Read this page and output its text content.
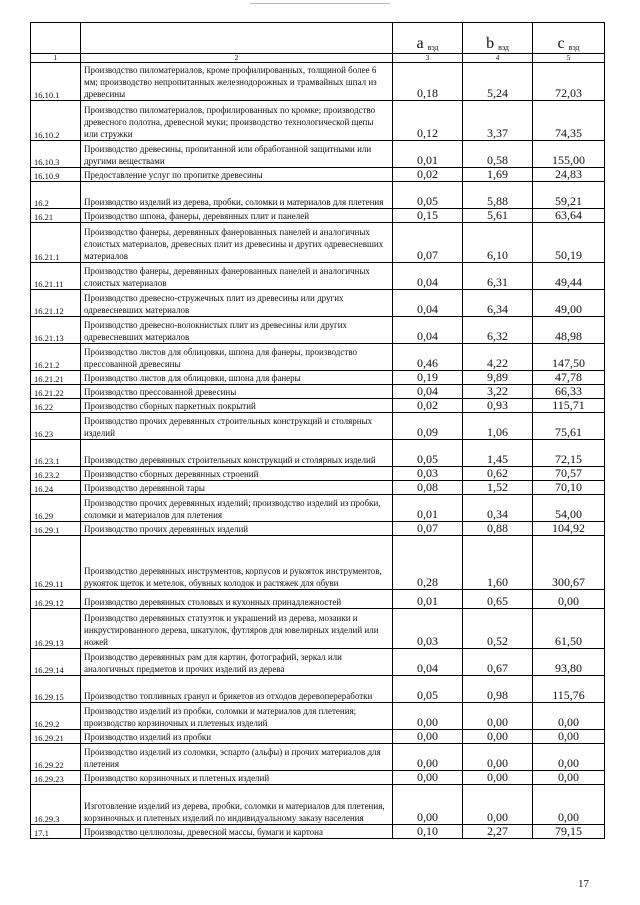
		a $_{вэд}$	b $_{вэд}$	c $_{вэд}$
1	2	3	4	5
16.10.1	Производство пиломатериалов, кроме профилированных, толщиной более 6 мм; производство непропитанных железнодорожных и трамвайных шпал из древесины	0,18	5,24	72,03
16.10.2	Производство пиломатериалов, профилированных по кромке; производство древесного полотна, древесной муки; производство технологической щепы или стружки	0,12	3,37	74,35
16.10.3	Производство древесины, пропитанной или обработанной защитными или другими веществами	0,01	0,58	155,00
16.10.9	Предоставление услуг по пропитке древесины	0,02	1,69	24,83
16.2	Производство изделий из дерева, пробки, соломки и материалов для плетения	0,05	5,88	59,21
16.21	Производство шпона, фанеры, деревянных плит и панелей	0,15	5,61	63,64
16.21.1	Производство фанеры, деревянных фанерованных панелей и аналогичных слоистых материалов, древесных плит из древесины и других одревесневших материалов	0,07	6,10	50,19
16.21.11	Производство фанеры, деревянных фанерованных панелей и аналогичных слоистых материалов	0,04	6,31	49,44
16.21.12	Производство древесно-стружечных плит из древесины или других одревесневших материалов	0,04	6,34	49,00
16.21.13	Производство древесно-волокнистых плит из древесины или других одревесневших материалов	0,04	6,32	48,98
16.21.2	Производство листов для облицовки, шпона для фанеры, производство прессованной древесины	0,46	4,22	147,50
16.21.21	Производство листов для облицовки, шпона для фанеры	0,19	9,89	47,78
16.21.22	Производство прессованной древесины	0,04	3,22	66,33
16.22	Производство сборных паркетных покрытий	0,02	0,93	115,71
16.23	Производство прочих деревянных строительных конструкций и столярных изделий	0,09	1,06	75,61
16.23.1	Производство деревянных строительных конструкций и столярных изделий	0,05	1,45	72,15
16.23.2	Производство сборных деревянных строений	0,03	0,62	70,57
16.24	Производство деревянной тары	0,08	1,52	70,10
16.29	Производство прочих деревянных изделий; производство изделий из пробки, соломки и материалов для плетения	0,01	0,34	54,00
16.29.1	Производство прочих деревянных изделий	0,07	0,88	104,92
16.29.11	Производство деревянных инструментов, корпусов и рукояток инструментов, рукояток щеток и метелок, обувных колодок и растяжек для обуви	0,28	1,60	300,67
16.29.12	Производство деревянных столовых и кухонных принадлежностей	0,01	0,65	0,00
16.29.13	Производство деревянных статуэток и украшений из дерева, мозаики и инкрустированного дерева, шкатулок, футляров для ювелирных изделий или ножей	0,03	0,52	61,50
16.29.14	Производство деревянных рам для картин, фотографий, зеркал или аналогичных предметов и прочих изделий из дерева	0,04	0,67	93,80
16.29.15	Производство топливных гранул и брикетов из отходов деревопереработки	0,05	0,98	115,76
16.29.2	Производство изделий из пробки, соломки и материалов для плетения; производство корзиночных и плетеных изделий	0,00	0,00	0,00
16.29.21	Производство изделий из пробки	0,00	0,00	0,00
16.29.22	Производство изделий из соломки, эспарто (альфы) и прочих материалов для плетения	0,00	0,00	0,00
16.29.23	Производство корзиночных и плетеных изделий	0,00	0,00	0,00
16.29.3	Изготовление изделий из дерева, пробки, соломки и материалов для плетения, корзиночных и плетеных изделий по индивидуальному заказу населения	0,00	0,00	0,00
17.1	Производство целлюлозы, древесной массы, бумаги и картона	0,10	2,27	79,15
17
